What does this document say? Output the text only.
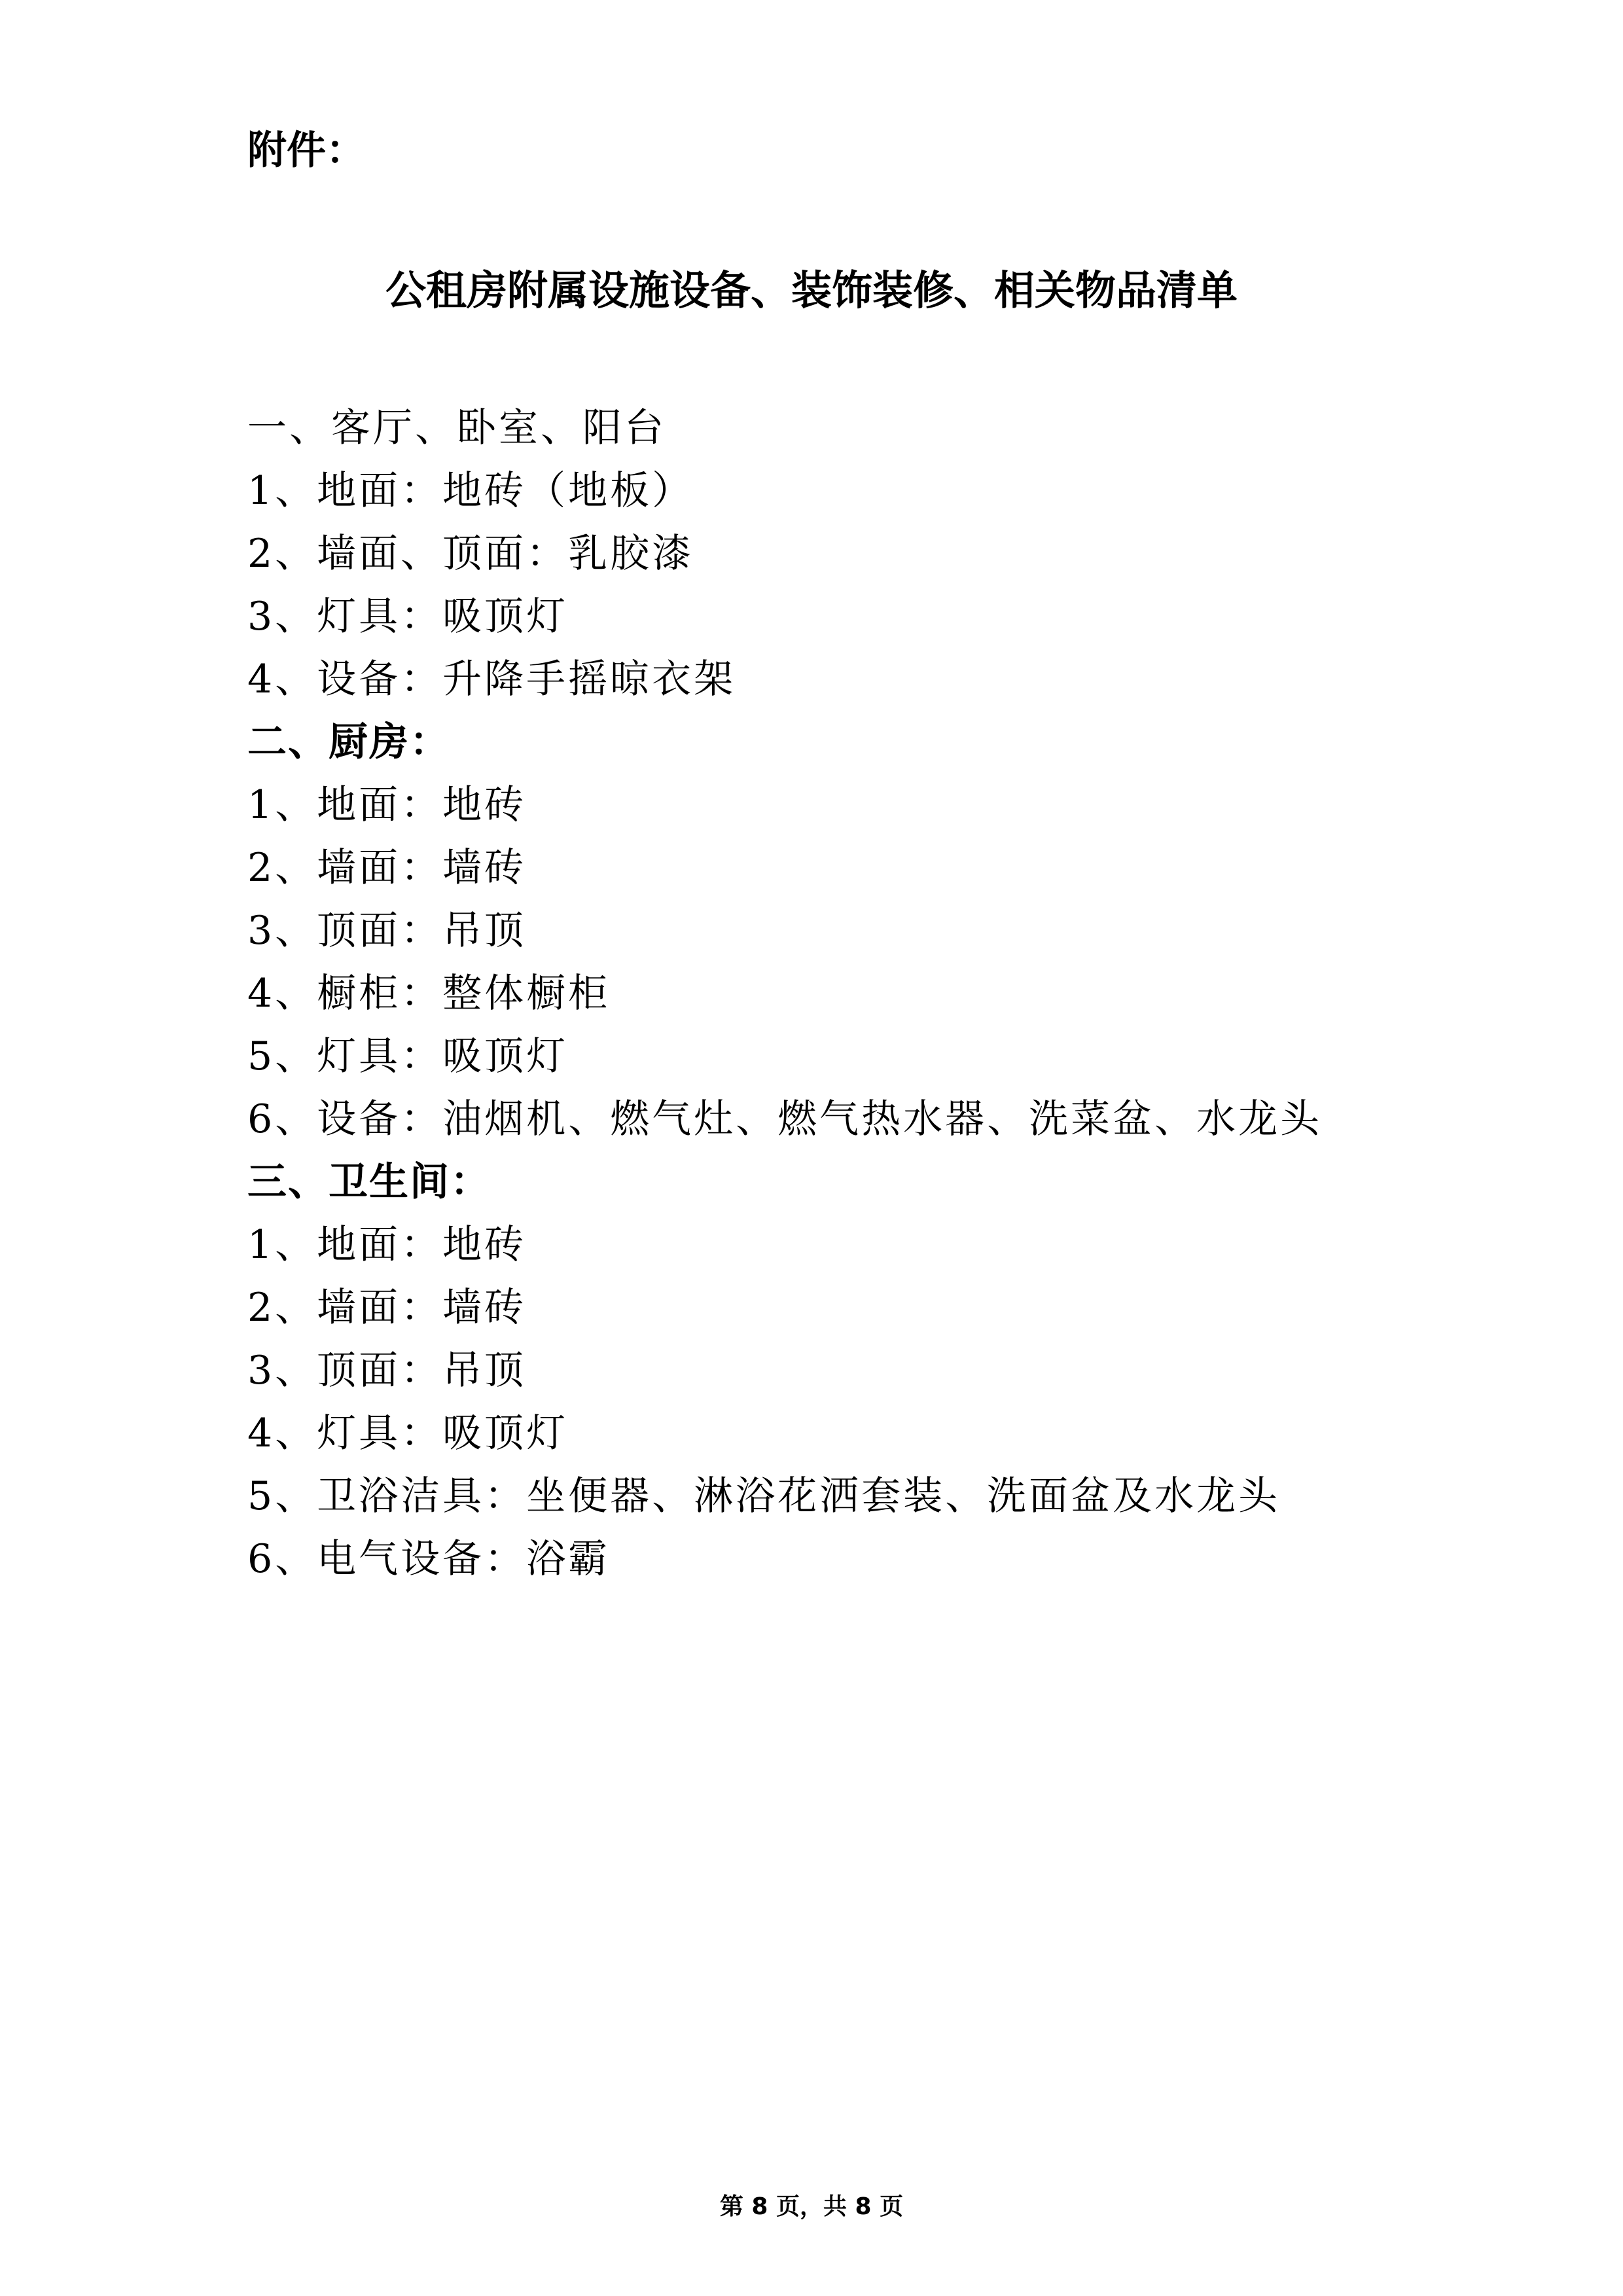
附件：
公租房附属设施设备、装饰装修、相关物品清单
一、客厅、卧室、阳台
1、地面：地砖（地板）
2、墙面、顶面：乳胶漆
3、灯具：吸顶灯
4、设备：升降手摇晾衣架
二、厨房：
1、地面：地砖
2、墙面：墙砖
3、顶面：吊顶
4、橱柜：整体橱柜
5、灯具：吸顶灯
6、设备：油烟机、燃气灶、燃气热水器、洗菜盆、水龙头
三、卫生间：
1、地面：地砖
2、墙面：墙砖
3、顶面：吊顶
4、灯具：吸顶灯
5、卫浴洁具：坐便器、淋浴花洒套装、洗面盆及水龙头
6、电气设备：浴霸
第 8 页，共 8 页
